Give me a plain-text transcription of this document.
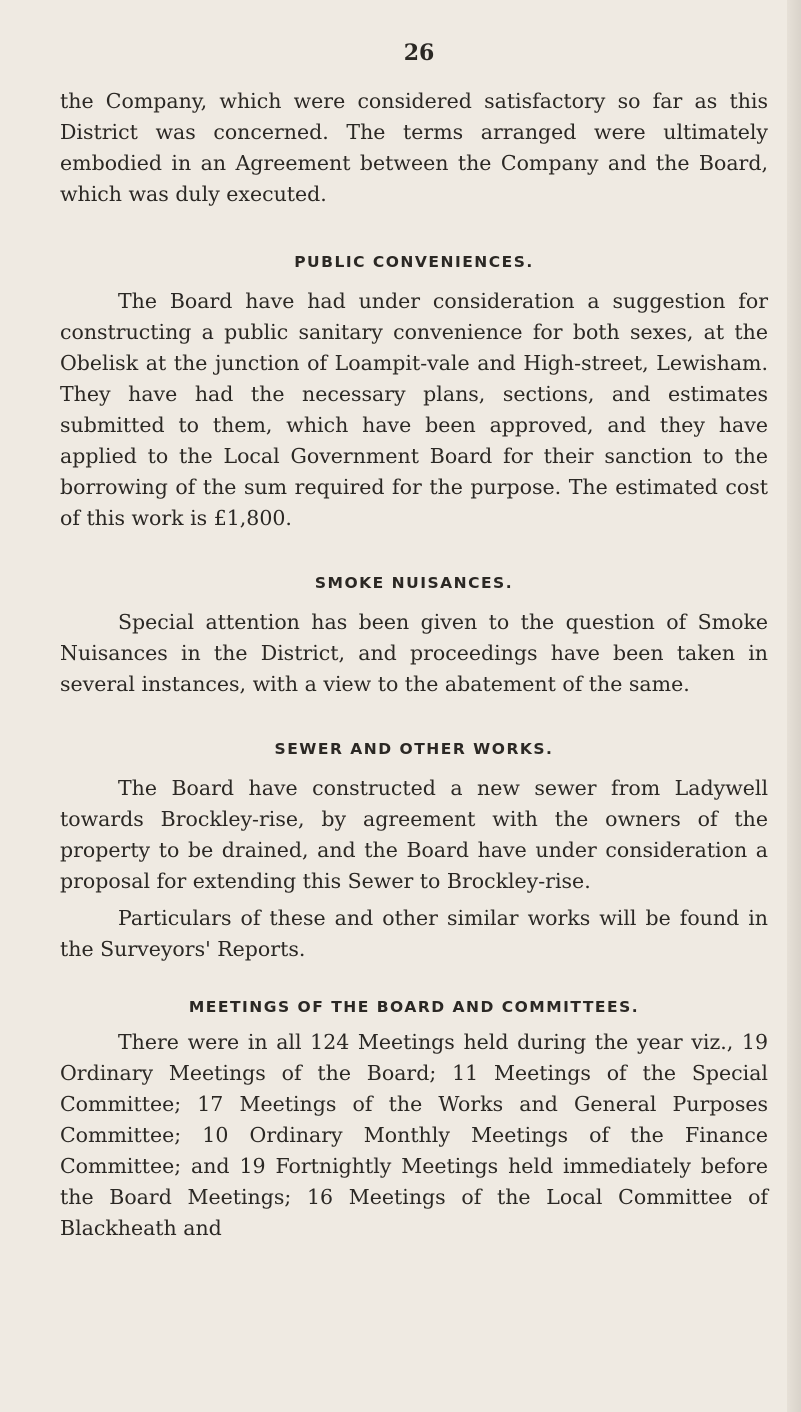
26

the Company, which were considered satisfactory so far as this District was concerned. The terms arranged were ultimately embodied in an Agreement between the Company and the Board, which was duly executed.

PUBLIC CONVENIENCES.

The Board have had under consideration a suggestion for constructing a public sanitary convenience for both sexes, at the Obelisk at the junction of Loampit-vale and High-street, Lewisham. They have had the necessary plans, sections, and estimates submitted to them, which have been approved, and they have applied to the Local Government Board for their sanction to the borrowing of the sum required for the purpose. The estimated cost of this work is £1,800.

SMOKE NUISANCES.

Special attention has been given to the question of Smoke Nuisances in the District, and proceedings have been taken in several instances, with a view to the abatement of the same.

SEWER AND OTHER WORKS.

The Board have constructed a new sewer from Ladywell towards Brockley-rise, by agreement with the owners of the property to be drained, and the Board have under consideration a proposal for extending this Sewer to Brockley-rise.

Particulars of these and other similar works will be found in the Surveyors' Reports.

MEETINGS OF THE BOARD AND COMMITTEES.

There were in all 124 Meetings held during the year viz., 19 Ordinary Meetings of the Board; 11 Meetings of the Special Committee; 17 Meetings of the Works and General Purposes Committee; 10 Ordinary Monthly Meetings of the Finance Committee; and 19 Fortnightly Meetings held immediately before the Board Meetings; 16 Meetings of the Local Committee of Blackheath and
